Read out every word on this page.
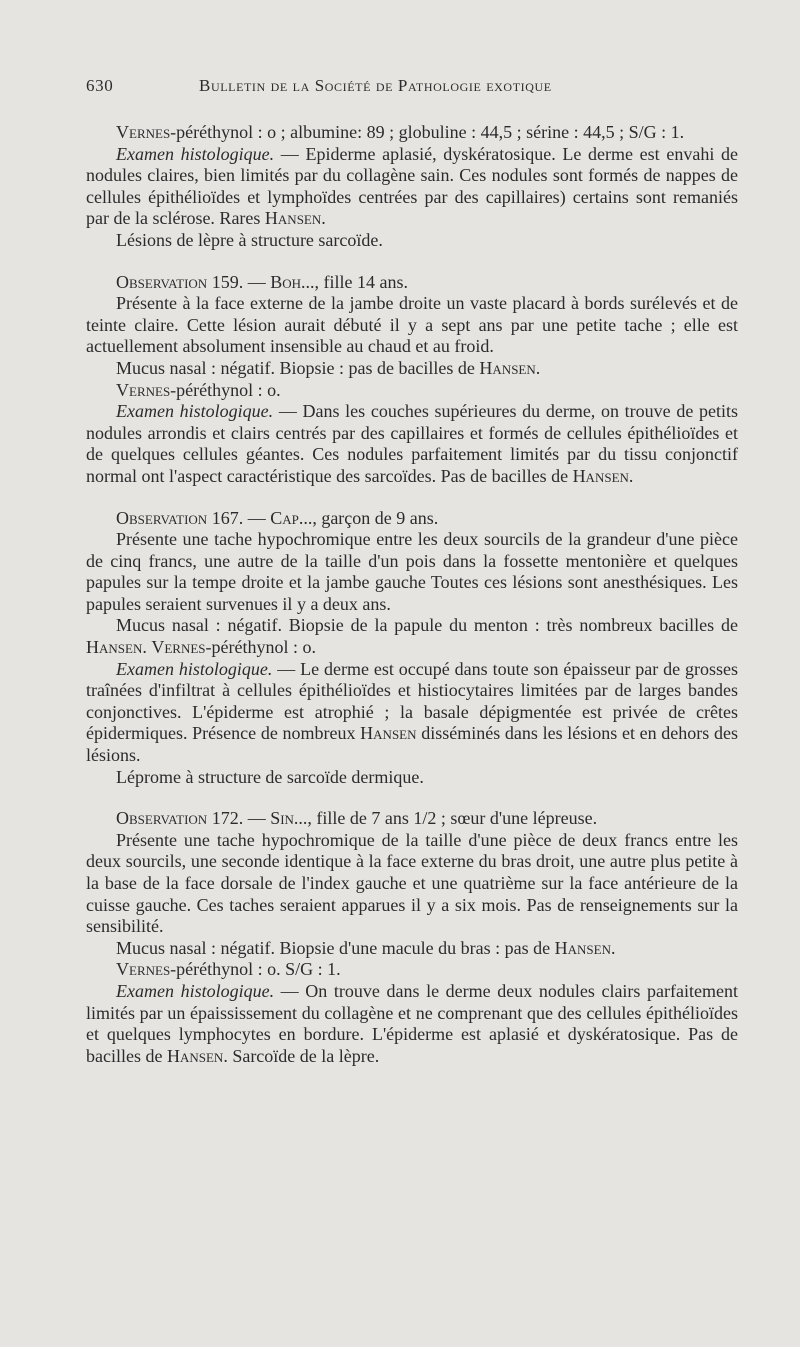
630	Bulletin de la Société de Pathologie exotique

Vernes-péréthynol : o ; albumine: 89 ; globuline : 44,5 ; sérine : 44,5 ; S/G : 1.

Examen histologique. — Epiderme aplasié, dyskératosique. Le derme est envahi de nodules claires, bien limités par du collagène sain. Ces nodules sont formés de nappes de cellules épithélioïdes et lymphoïdes centrées par des capillaires) certains sont remaniés par de la sclérose. Rares Hansen.

Lésions de lèpre à structure sarcoïde.

Observation 159. — Boh..., fille 14 ans.

Présente à la face externe de la jambe droite un vaste placard à bords surélevés et de teinte claire. Cette lésion aurait débuté il y a sept ans par une petite tache ; elle est actuellement absolument insensible au chaud et au froid.

Mucus nasal : négatif. Biopsie : pas de bacilles de Hansen.

Vernes-péréthynol : o.

Examen histologique. — Dans les couches supérieures du derme, on trouve de petits nodules arrondis et clairs centrés par des capillaires et formés de cellules épithélioïdes et de quelques cellules géantes. Ces nodules parfaitement limités par du tissu conjonctif normal ont l'aspect caractéristique des sarcoïdes. Pas de bacilles de Hansen.

Observation 167. — Cap..., garçon de 9 ans.

Présente une tache hypochromique entre les deux sourcils de la grandeur d'une pièce de cinq francs, une autre de la taille d'un pois dans la fossette mentonière et quelques papules sur la tempe droite et la jambe gauche Toutes ces lésions sont anesthésiques. Les papules seraient survenues il y a deux ans.

Mucus nasal : négatif. Biopsie de la papule du menton : très nombreux bacilles de Hansen. Vernes-péréthynol : o.

Examen histologique. — Le derme est occupé dans toute son épaisseur par de grosses traînées d'infiltrat à cellules épithélioïdes et histiocytaires limitées par de larges bandes conjonctives. L'épiderme est atrophié ; la basale dépigmentée est privée de crêtes épidermiques. Présence de nombreux Hansen disséminés dans les lésions et en dehors des lésions.

Léprome à structure de sarcoïde dermique.

Observation 172. — Sin..., fille de 7 ans 1/2 ; sœur d'une lépreuse.

Présente une tache hypochromique de la taille d'une pièce de deux francs entre les deux sourcils, une seconde identique à la face externe du bras droit, une autre plus petite à la base de la face dorsale de l'index gauche et une quatrième sur la face antérieure de la cuisse gauche. Ces taches seraient apparues il y a six mois. Pas de renseignements sur la sensibilité.

Mucus nasal : négatif. Biopsie d'une macule du bras : pas de Hansen.

Vernes-péréthynol : o. S/G : 1.

Examen histologique. — On trouve dans le derme deux nodules clairs parfaitement limités par un épaississement du collagène et ne comprenant que des cellules épithélioïdes et quelques lymphocytes en bordure. L'épiderme est aplasié et dyskératosique. Pas de bacilles de Hansen. Sarcoïde de la lèpre.
